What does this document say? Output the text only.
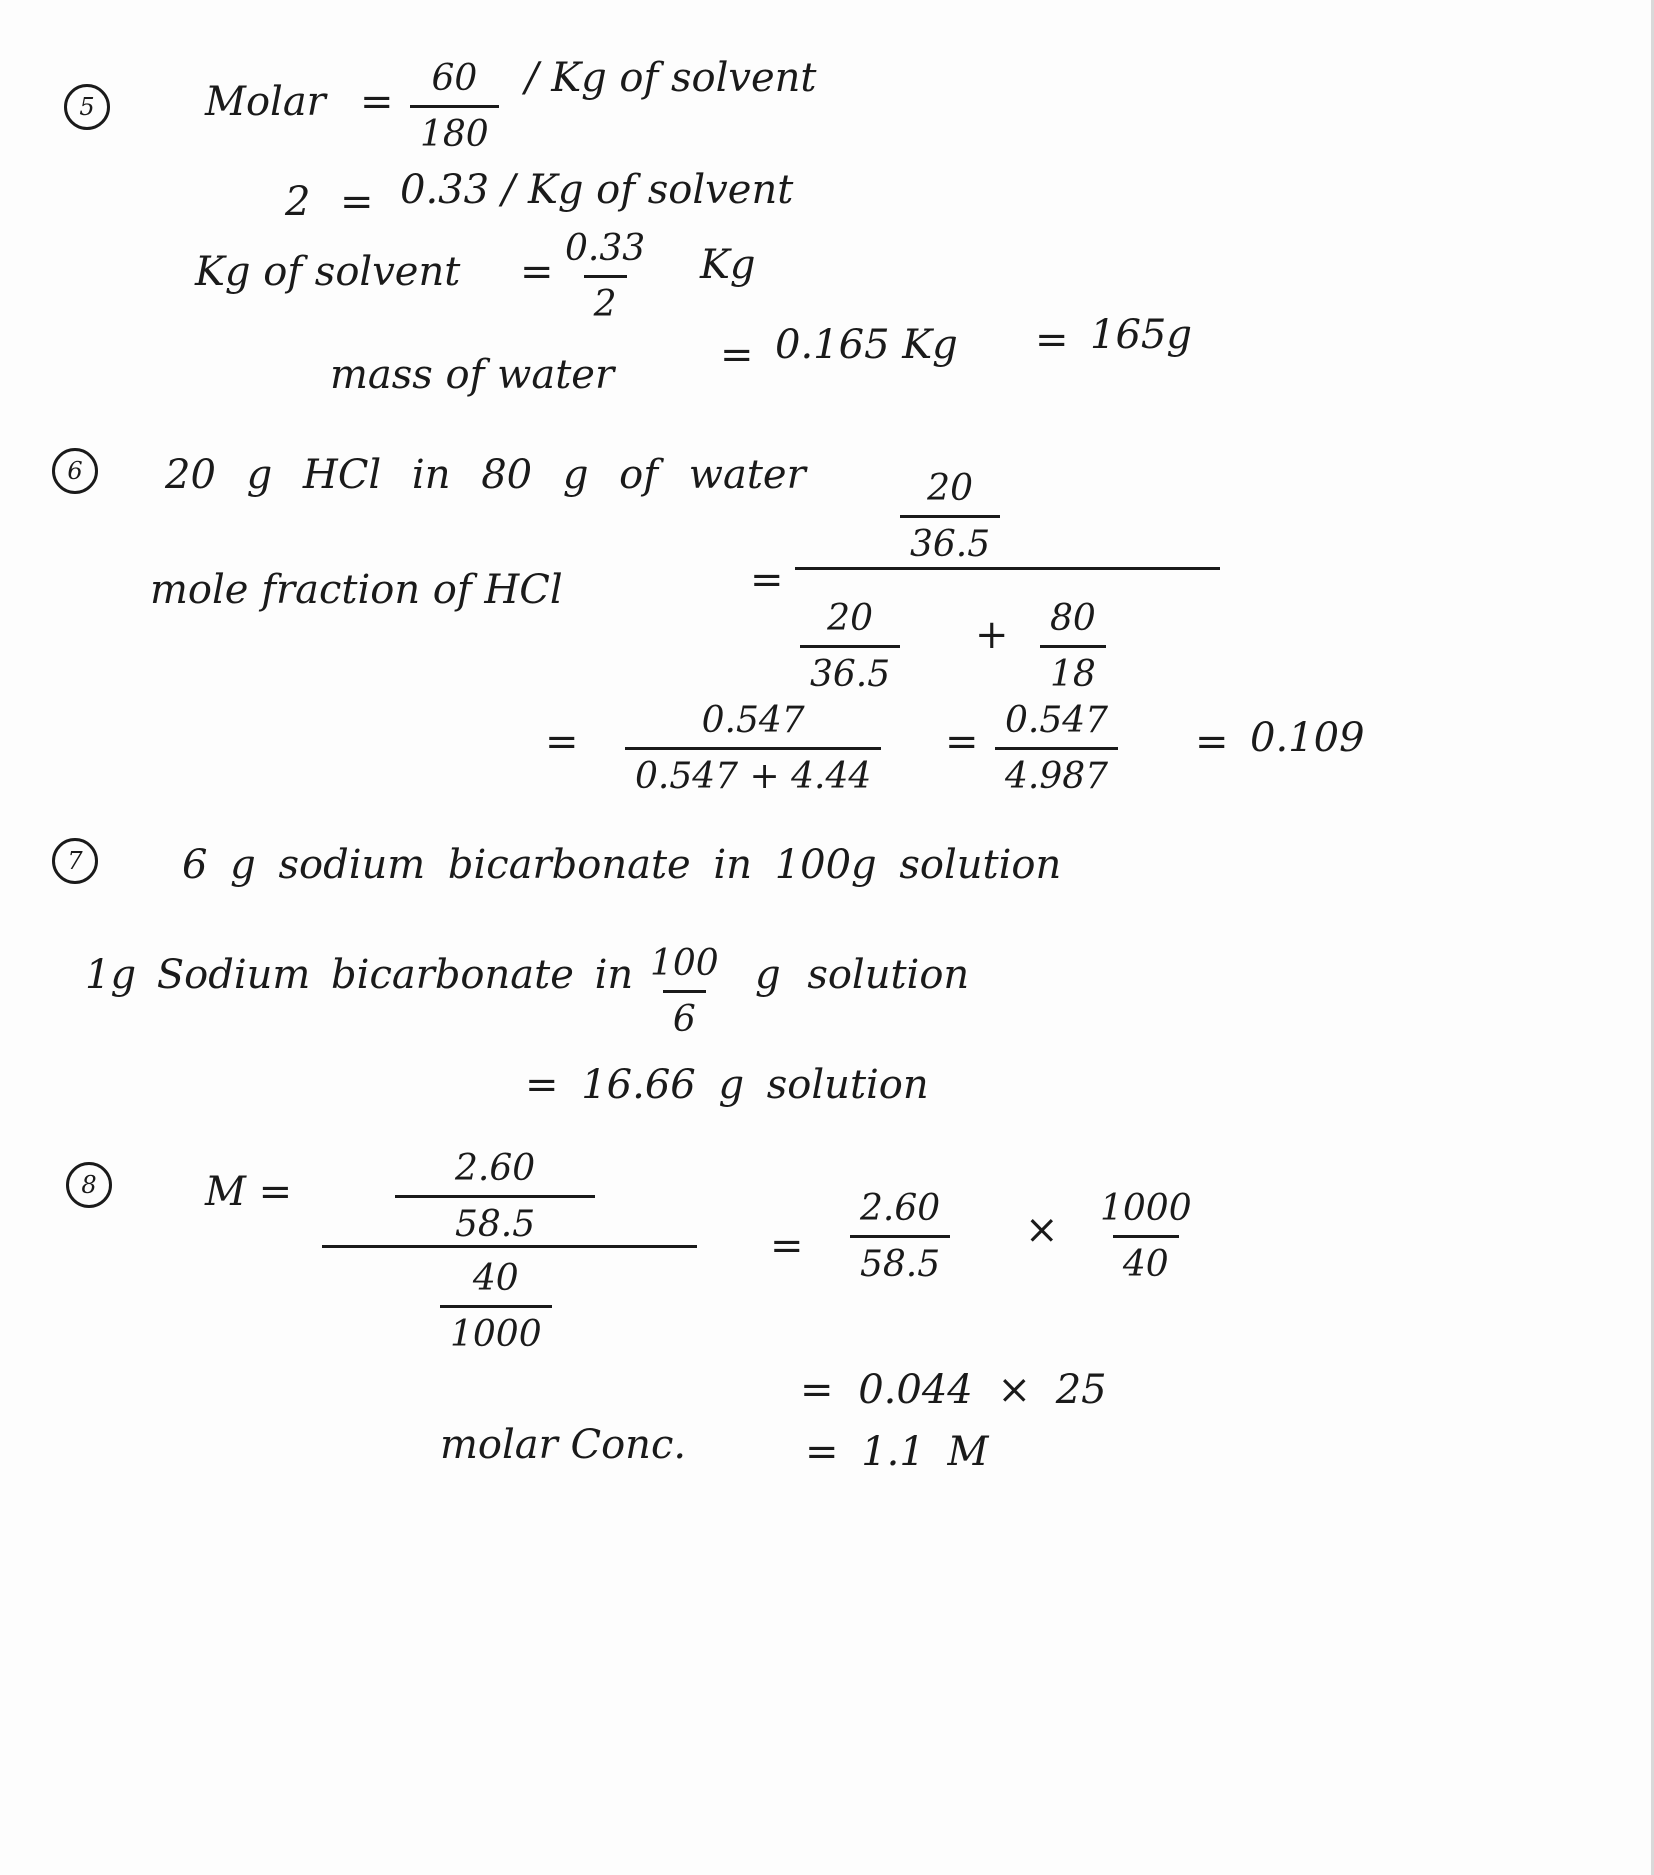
5	Molar = $\frac{60}{180}$ / Kg of solvent
2 = 0.33 / Kg of solvent
Kg of solvent = $\frac{0.33}{2}$ Kg
mass of water	= 0.165 Kg = 165g
6 20 g HCl in 80 g of water	$\frac{20}{36.5}$
mole fraction of HCl	=
$\frac{20}{36.5} + \frac{80}{18}$
= $\frac{0.547}{0.547 + 4.44} = \frac{0.547}{4.987} = 0.109$
7 6 g sodium bicarbonate in 100g solution
1g Sodium bicarbonate in $\frac{100}{6}$ g solution
= 16.66 g solution
8	M =	$\frac{2.60}{58.5}$
$\frac{40}{1000}$
= $\frac{2.60}{58.5} \times \frac{1000}{40}$
= 0.044 × 25
molar Conc.	= 1.1 M
